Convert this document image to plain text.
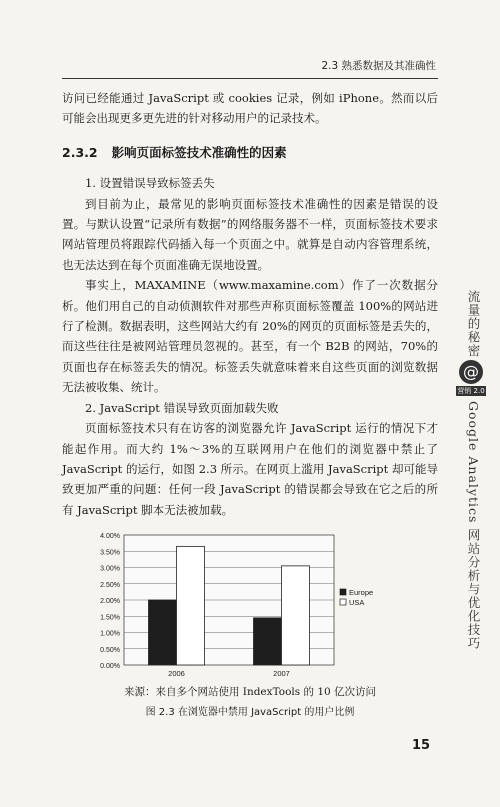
2.3 熟悉数据及其准确性

访问已经能通过 JavaScript 或 cookies 记录，例如 iPhone。然而以后可能会出现更多更先进的针对移动用户的记录技术。

2.3.2 影响页面标签技术准确性的因素

1. 设置错误导致标签丢失

到目前为止，最常见的影响页面标签技术准确性的因素是错误的设置。与默认设置“记录所有数据”的网络服务器不一样，页面标签技术要求网站管理员将跟踪代码插入每一个页面之中。就算是自动内容管理系统，也无法达到在每个页面准确无误地设置。

事实上，MAXAMINE（www.maxamine.com）作了一次数据分析。他们用自己的自动侦测软件对那些声称页面标签覆盖 100%的网站进行了检测。数据表明，这些网站大约有 20%的网页的页面标签是丢失的，而这些往往是被网站管理员忽视的。甚至，有一个 B2B 的网站，70%的页面也存在标签丢失的情况。标签丢失就意味着来自这些页面的浏览数据无法被收集、统计。

2. JavaScript 错误导致页面加载失败

页面标签技术只有在访客的浏览器允许 JavaScript 运行的情况下才能起作用。而大约 1%～3%的互联网用户在他们的浏览器中禁止了 JavaScript 的运行，如图 2.3 所示。在网页上滥用 JavaScript 却可能导致更加严重的问题：任何一段 JavaScript 的错误都会导致在它之后的所有 JavaScript 脚本无法被加载。

0.00%
0.50%
1.00%
1.50%
2.00%
2.50%
3.00%
3.50%
4.00%
2006	2007
Europe
USA
来源：来自多个网站使用 IndexTools 的 10 亿次访问
图 2.3 在浏览器中禁用 JavaScript 的用户比例
15
流量的秘密
@
营销 2.0
Google Analytics 网站分析与优化技巧
